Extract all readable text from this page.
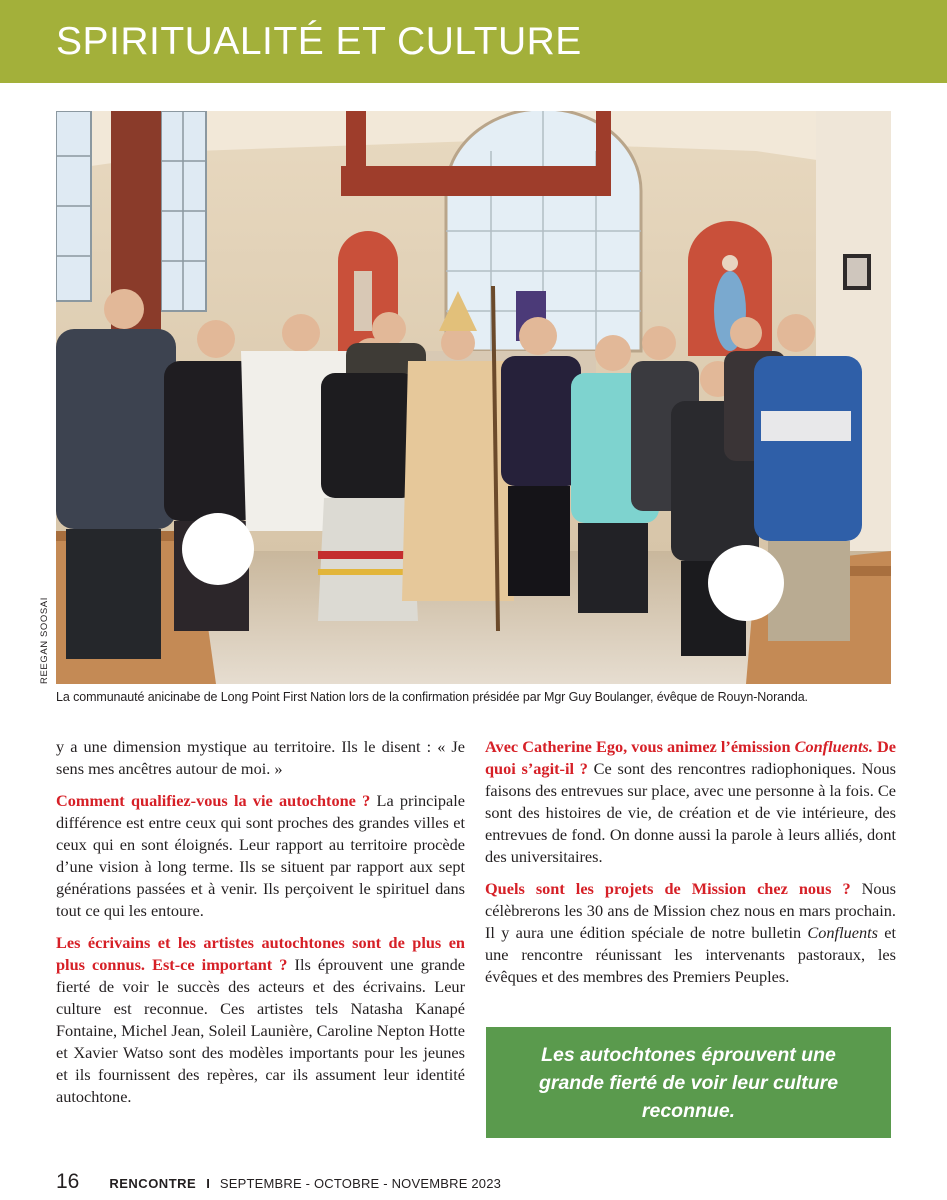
SPIRITUALITÉ ET CULTURE
REEGAN SOOSAI
La communauté anicinabe de Long Point First Nation lors de la confirmation présidée par Mgr Guy Boulanger, évêque de Rouyn-Noranda.

y a une dimension mystique au territoire. Ils le disent : « Je sens mes ancêtres autour de moi. »

Comment qualifiez-vous la vie autochtone ? La principale différence est entre ceux qui sont proches des grandes villes et ceux qui en sont éloignés. Leur rapport au territoire procède d’une vision à long terme. Ils se situent par rapport aux sept générations passées et à venir. Ils perçoivent le spirituel dans tout ce qui les entoure.

Les écrivains et les artistes autochtones sont de plus en plus connus. Est-ce important ? Ils éprouvent une grande fierté de voir le succès des acteurs et des écrivains. Leur culture est reconnue. Ces artistes tels Natasha Kanapé Fontaine, Michel Jean, Soleil Launière, Caroline Nepton Hotte et Xavier Watso sont des modèles importants pour les jeunes et ils fournissent des repères, car ils assument leur identité autochtone.

Avec Catherine Ego, vous animez l’émission Confluents. De quoi s’agit-il ? Ce sont des rencontres radiophoniques. Nous faisons des entrevues sur place, avec une personne à la fois. Ce sont des histoires de vie, de création et de vie intérieure, des entrevues de fond. On donne aussi la parole à leurs alliés, dont des universitaires.

Quels sont les projets de Mission chez nous ? Nous célèbrerons les 30 ans de Mission chez nous en mars prochain. Il y aura une édition spéciale de notre bulletin Confluents et une rencontre réunissant les intervenants pastoraux, les évêques et des membres des Premiers Peuples.

Les autochtones éprouvent une grande fierté de voir leur culture reconnue.
16 RENCONTRE I SEPTEMBRE - OCTOBRE - NOVEMBRE 2023
